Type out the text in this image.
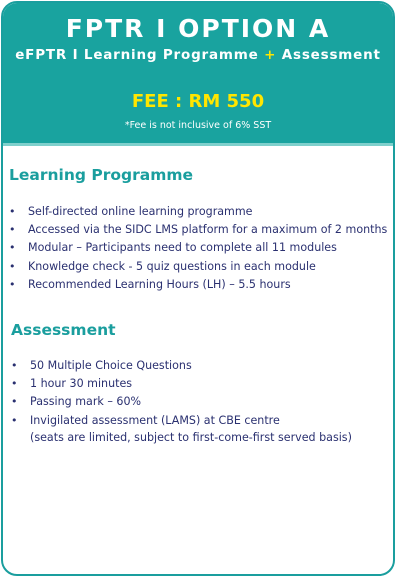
FPTR I OPTION A
eFPTR I Learning Programme + Assessment
FEE : RM 550
*Fee is not inclusive of 6% SST
Learning Programme
• Self-directed online learning programme
• Accessed via the SIDC LMS platform for a maximum of 2 months
• Modular – Participants need to complete all 11 modules
• Knowledge check - 5 quiz questions in each module
• Recommended Learning Hours (LH) – 5.5 hours
Assessment
• 50 Multiple Choice Questions
• 1 hour 30 minutes
• Passing mark – 60%
• Invigilated assessment (LAMS) at CBE centre
(seats are limited, subject to first-come-first served basis)
